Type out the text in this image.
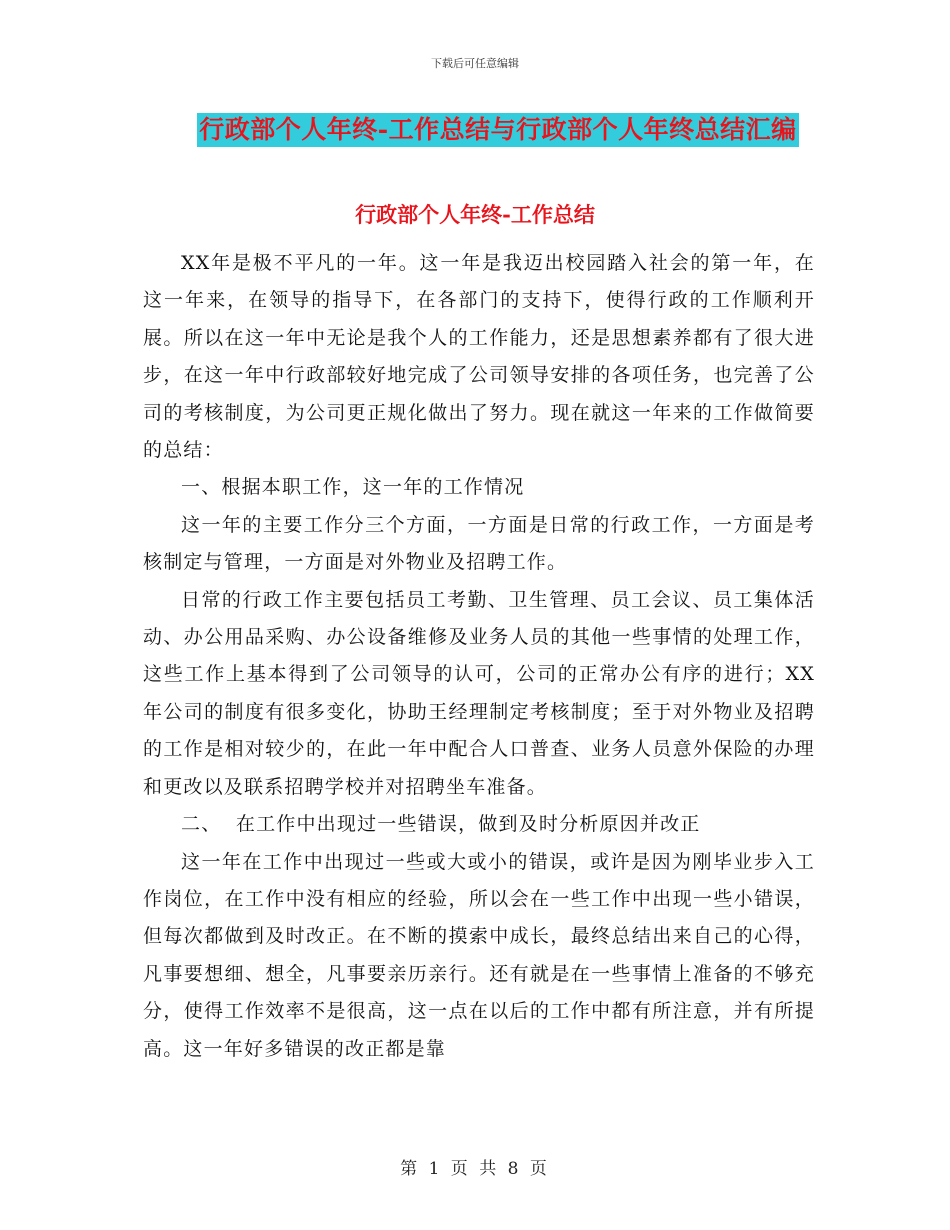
下载后可任意编辑
行政部个人年终-工作总结与行政部个人年终总结汇编
行政部个人年终-工作总结

XX年是极不平凡的一年。这一年是我迈出校园踏入社会的第一年，在这一年来，在领导的指导下，在各部门的支持下，使得行政的工作顺利开展。所以在这一年中无论是我个人的工作能力，还是思想素养都有了很大进步，在这一年中行政部较好地完成了公司领导安排的各项任务，也完善了公司的考核制度，为公司更正规化做出了努力。现在就这一年来的工作做简要的总结：

一、根据本职工作，这一年的工作情况

这一年的主要工作分三个方面，一方面是日常的行政工作，一方面是考核制定与管理，一方面是对外物业及招聘工作。

日常的行政工作主要包括员工考勤、卫生管理、员工会议、员工集体活动、办公用品采购、办公设备维修及业务人员的其他一些事情的处理工作，这些工作上基本得到了公司领导的认可，公司的正常办公有序的进行；XX年公司的制度有很多变化，协助王经理制定考核制度；至于对外物业及招聘的工作是相对较少的，在此一年中配合人口普查、业务人员意外保险的办理和更改以及联系招聘学校并对招聘坐车准备。

二、  在工作中出现过一些错误，做到及时分析原因并改正

这一年在工作中出现过一些或大或小的错误，或许是因为刚毕业步入工作岗位，在工作中没有相应的经验，所以会在一些工作中出现一些小错误，但每次都做到及时改正。在不断的摸索中成长，最终总结出来自己的心得，凡事要想细、想全，凡事要亲历亲行。还有就是在一些事情上准备的不够充分，使得工作效率不是很高，这一点在以后的工作中都有所注意，并有所提高。这一年好多错误的改正都是靠

第 1 页 共 8 页
